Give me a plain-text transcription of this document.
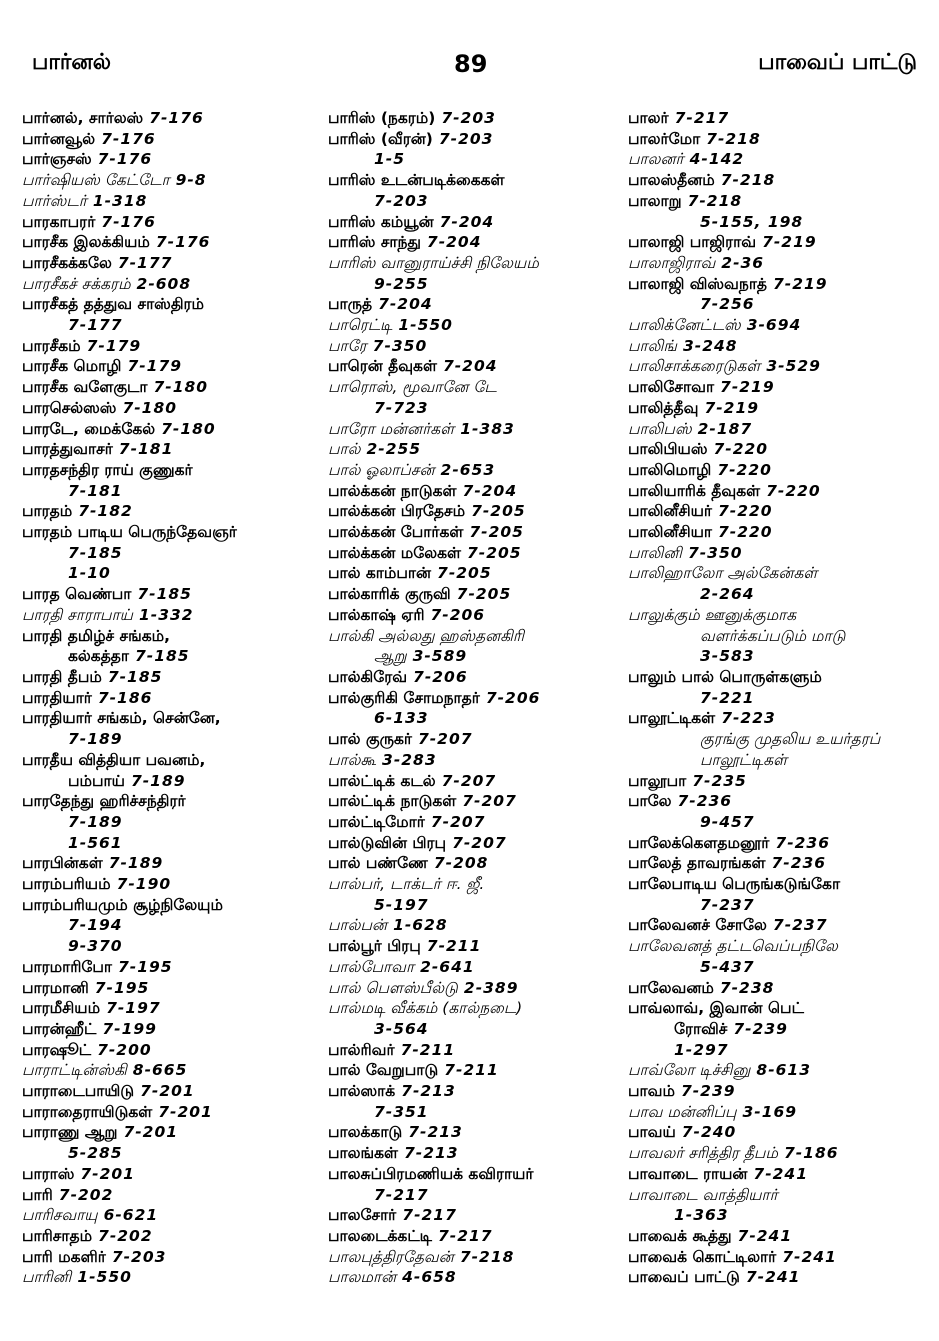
பார்னல்	89	பாவைப் பாட்டு
பார்னல், சார்லஸ் 7-176
பார்னவூல் 7-176
பார்ஞசஸ் 7-176
பார்ஷியஸ் கேட்டோ 9-8
பார்ஸ்டர் 1-318
பாரகாபரர் 7-176
பாரசீக இலக்கியம் 7-176
பாரசீகக்கலே 7-177
பாரசீகச் சக்கரம் 2-608
பாரசீகத் தத்துவ சாஸ்திரம்
7-177
பாரசீகம் 7-179
பாரசீக மொழி 7-179
பாரசீக வளேகுடா 7-180
பாரசெல்ஸஸ் 7-180
பாரடே, மைக்கேல் 7-180
பாரத்துவாசர் 7-181
பாரதசந்திர ராய் குணுகர்
7-181
பாரதம் 7-182
பாரதம் பாடிய பெருந்தேவஞர்
7-185
1-10
பாரத வெண்பா 7-185
பாரதி சாராபாய் 1-332
பாரதி தமிழ்ச் சங்கம்,
கல்கத்தா 7-185
பாரதி தீபம் 7-185
பாரதியார் 7-186
பாரதியார் சங்கம், சென்னே,
7-189
பாரதீய வித்தியா பவனம்,
பம்பாய் 7-189
பாரதேந்து ஹரிச்சந்திரர்
7-189
1-561
பாரபின்கள் 7-189
பாரம்பரியம் 7-190
பாரம்பரியமும் சூழ்நிலேயும்
7-194
9-370
பாரமாரிபோ 7-195
பாரமானி 7-195
பாரமீசியம் 7-197
பாரன்ஹீட் 7-199
பாரஷூட் 7-200
பாராட்டின்ஸ்கி 8-665
பாராடைபாயிடு 7-201
பாராதைராயிடுகள் 7-201
பாராணு ஆறு 7-201
5-285
பாராஸ் 7-201
பாரி 7-202
பாரிசவாயு 6-621
பாரிசாதம் 7-202
பாரி மகளிர் 7-203
பாரினி 1-550
பாரிஸ் (நகரம்) 7-203
பாரிஸ் (வீரன்) 7-203
1-5
பாரிஸ் உடன்படிக்கைகள்
7-203
பாரிஸ் கம்யூன் 7-204
பாரிஸ் சாந்து 7-204
பாரிஸ் வானுராய்ச்சி நிலேயம்
9-255
பாருத் 7-204
பாரெட்டி 1-550
பாரே 7-350
பாரென் தீவுகள் 7-204
பாரொஸ், மூவானே டே
7-723
பாரோ மன்னர்கள் 1-383
பால் 2-255
பால் ஓலாப்சன் 2-653
பால்க்கன் நாடுகள் 7-204
பால்க்கன் பிரதேசம் 7-205
பால்க்கன் போர்கள் 7-205
பால்க்கன் மலேகள் 7-205
பால் காம்பான் 7-205
பால்காரிக் குருவி 7-205
பால்காஷ் ஏரி 7-206
பால்கி அல்லது ஹஸ்தனகிரி
ஆறு 3-589
பால்கிரேவ் 7-206
பால்குரிகி சோமநாதர் 7-206
6-133
பால் குருகர் 7-207
பால்கூ 3-283
பால்ட்டிக் கடல் 7-207
பால்ட்டிக் நாடுகள் 7-207
பால்ட்டிமோர் 7-207
பால்டுவின் பிரபு 7-207
பால் பண்ணே 7-208
பால்பர், டாக்டர் ஈ. ஜீ.
5-197
பால்பன் 1-628
பால்பூர் பிரபு 7-211
பால்போவா 2-641
பால் பௌஸ்பீல்டு 2-389
பால்மடி வீக்கம் (கால்நடை)
3-564
பால்ரிவர் 7-211
பால் வேறுபாடு 7-211
பால்ஸாக் 7-213
7-351
பாலக்காடு 7-213
பாலங்கள் 7-213
பாலசுப்பிரமணியக் கவிராயர்
7-217
பாலசோர் 7-217
பாலடைக்கட்டி 7-217
பாலபுத்திரதேவன் 7-218
பாலமான் 4-658
பாலர் 7-217
பாலர்மோ 7-218
பாலனர் 4-142
பாலஸ்தீனம் 7-218
பாலாறு 7-218
5-155, 198
பாலாஜி பாஜிராவ் 7-219
பாலாஜிராவ் 2-36
பாலாஜி விஸ்வநாத் 7-219
7-256
பாலிக்னேட்டஸ் 3-694
பாலிங் 3-248
பாலிசாக்கரைடுகள் 3-529
பாலிசோவா 7-219
பாலித்தீவு 7-219
பாலிபஸ் 2-187
பாலிபியஸ் 7-220
பாலிமொழி 7-220
பாலியாரிக் தீவுகள் 7-220
பாலினீசியர் 7-220
பாலினீசியா 7-220
பாலினி 7-350
பாலிஹாலோ அல்கேன்கள்
2-264
பாலுக்கும் ஊனுக்குமாக
வளர்க்கப்படும் மாடு
3-583
பாலும் பால் பொருள்களும்
7-221
பாலூட்டிகள் 7-223
குரங்கு முதலிய உயர்தரப்
பாலூட்டிகள்
பாலூபா 7-235
பாலே 7-236
9-457
பாலேக்கௌதமனூர் 7-236
பாலேத் தாவரங்கள் 7-236
பாலேபாடிய பெருங்கடுங்கோ
7-237
பாலேவனச் சோலே 7-237
பாலேவனத் தட்டவெப்பநிலே
5-437
பாலேவனம் 7-238
பாவ்லாவ், இவான் பெட்
ரோவிச் 7-239
1-297
பாவ்லோ டிச்சினு 8-613
பாவம் 7-239
பாவ மன்னிப்பு 3-169
பாவய் 7-240
பாவலர் சரித்திர தீபம் 7-186
பாவாடை ராயன் 7-241
பாவாடை வாத்தியார்
1-363
பாவைக் கூத்து 7-241
பாவைக் கொட்டிலார் 7-241
பாவைப் பாட்டு 7-241
